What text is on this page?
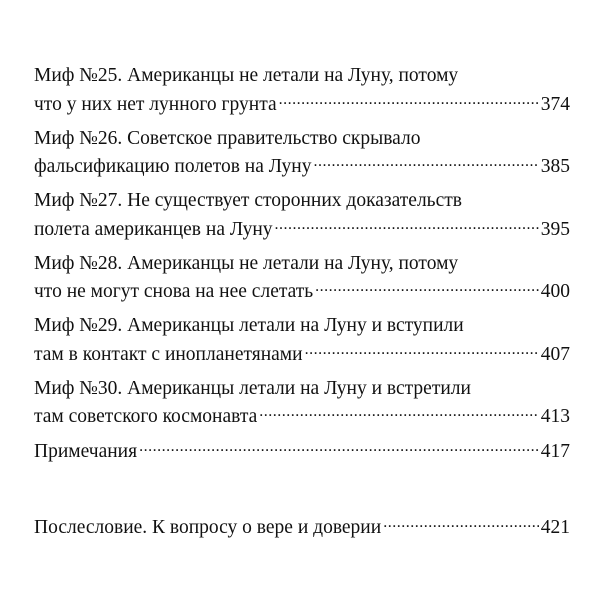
Миф №25. Американцы не летали на Луну, потому
что у них нет лунного грунта .....	374
Миф №26. Советское правительство скрывало
фальсификацию полетов на Луну .....	385
Миф №27. Не существует сторонних доказательств
полета американцев на Луну .....	395
Миф №28. Американцы не летали на Луну, потому
что не могут снова на нее слетать .....	400
Миф №29. Американцы летали на Луну и вступили
там в контакт с инопланетянами .....	407
Миф №30. Американцы летали на Луну и встретили
там советского космонавта .....	413
Примечания .....	417
Послесловие. К вопросу о вере и доверии .....	421
